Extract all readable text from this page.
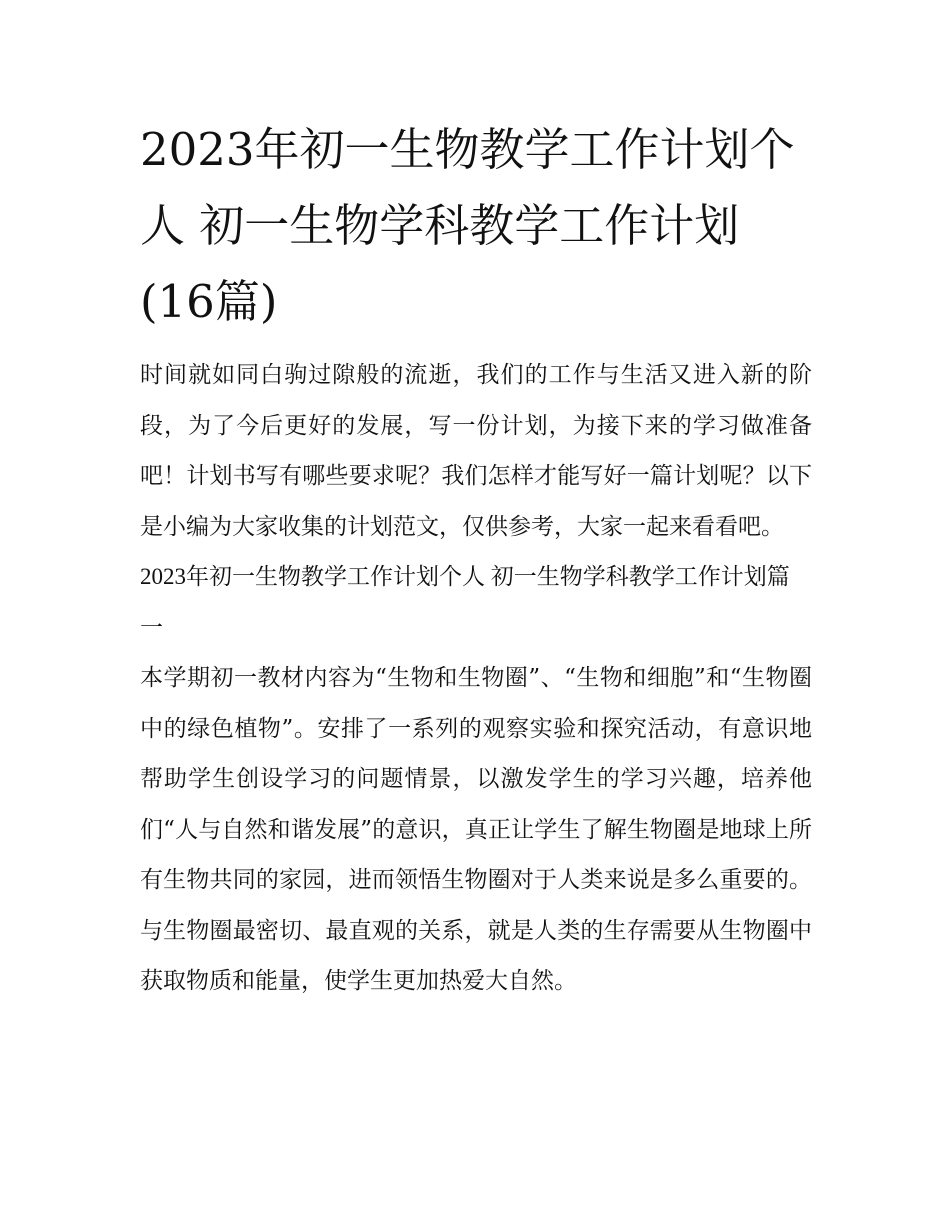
2023年初一生物教学工作计划个人 初一生物学科教学工作计划(16篇)

时间就如同白驹过隙般的流逝，我们的工作与生活又进入新的阶段，为了今后更好的发展，写一份计划，为接下来的学习做准备吧！计划书写有哪些要求呢？我们怎样才能写好一篇计划呢？以下是小编为大家收集的计划范文，仅供参考，大家一起来看看吧。

2023年初一生物教学工作计划个人 初一生物学科教学工作计划篇一

本学期初一教材内容为“生物和生物圈”、“生物和细胞”和“生物圈中的绿色植物”。安排了一系列的观察实验和探究活动，有意识地帮助学生创设学习的问题情景，以激发学生的学习兴趣，培养他们“人与自然和谐发展”的意识，真正让学生了解生物圈是地球上所有生物共同的家园，进而领悟生物圈对于人类来说是多么重要的。与生物圈最密切、最直观的关系，就是人类的生存需要从生物圈中获取物质和能量，使学生更加热爱大自然。
